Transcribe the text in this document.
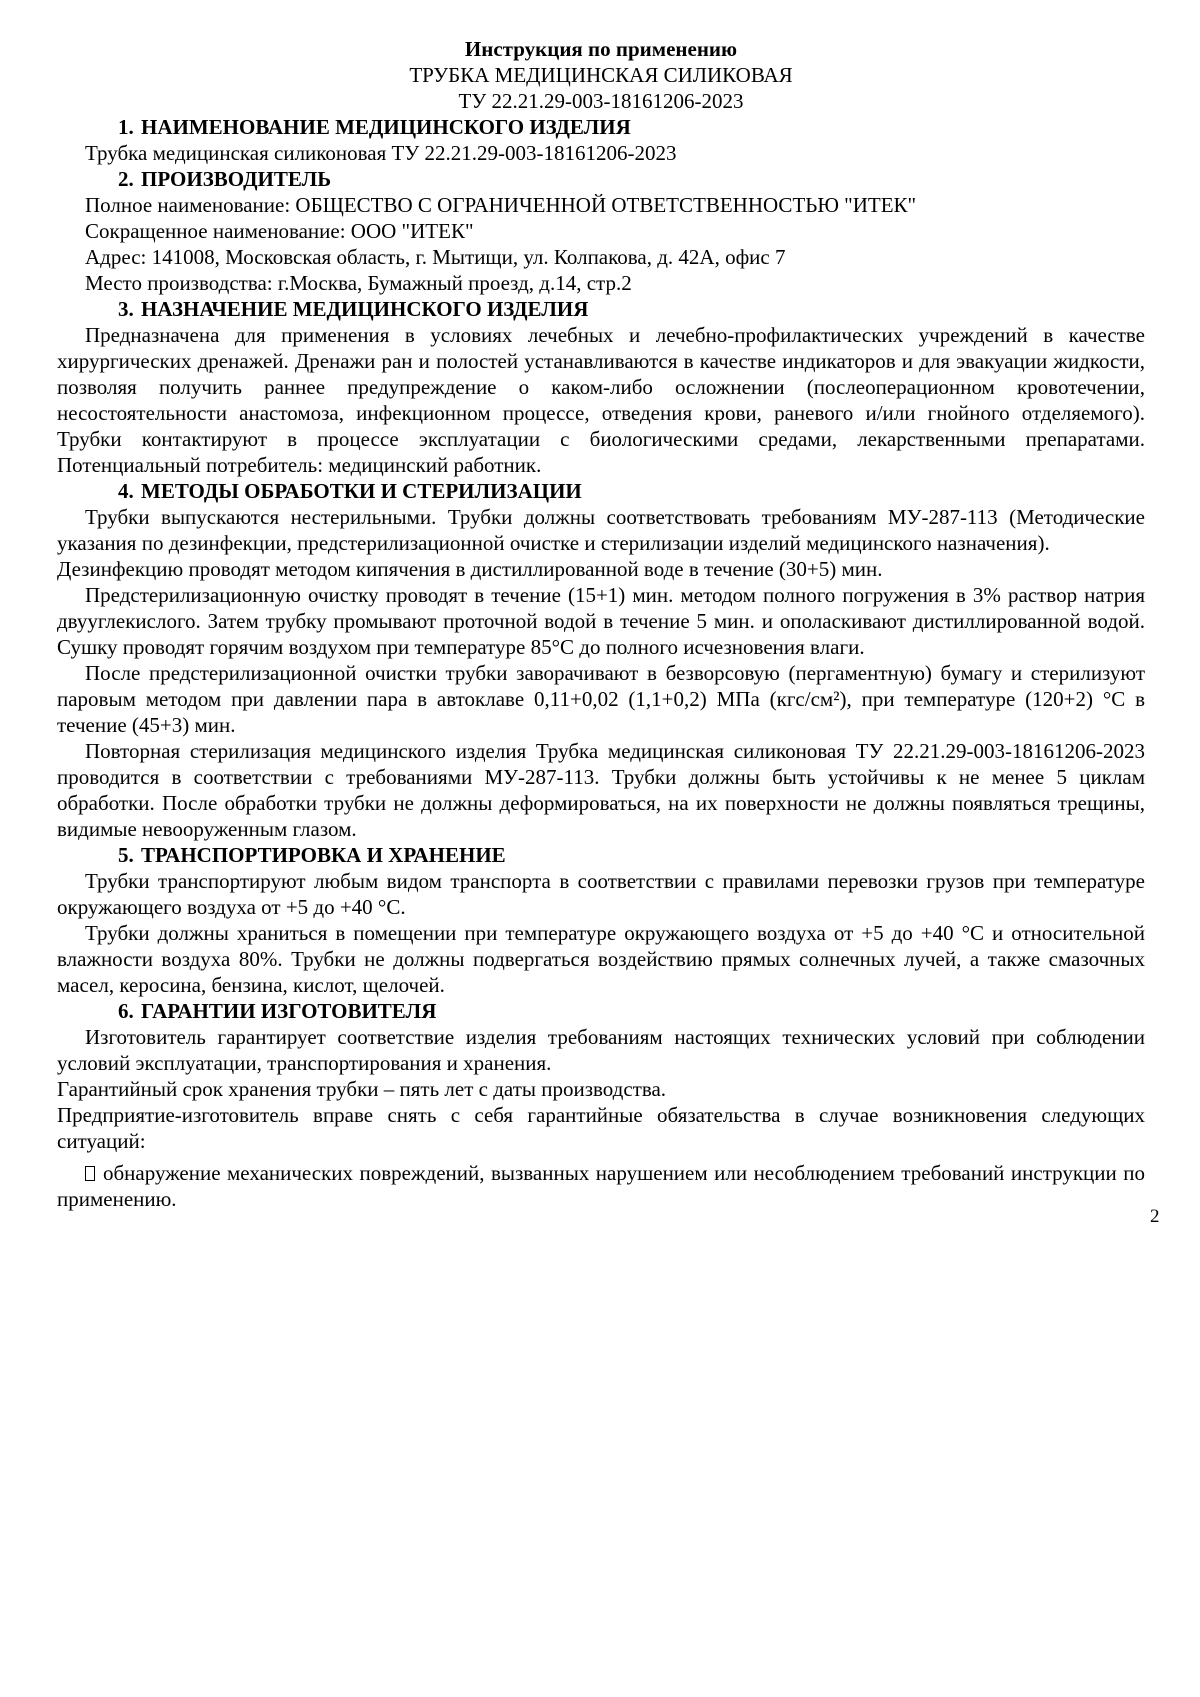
Инструкция по применению
ТРУБКА МЕДИЦИНСКАЯ СИЛИКОВАЯ
ТУ 22.21.29-003-18161206-2023
1. НАИМЕНОВАНИЕ МЕДИЦИНСКОГО ИЗДЕЛИЯ

Трубка медицинская силиконовая ТУ 22.21.29-003-18161206-2023

2. ПРОИЗВОДИТЕЛЬ

Полное наименование: ОБЩЕСТВО С ОГРАНИЧЕННОЙ ОТВЕТСТВЕННОСТЬЮ "ИТЕК"

Сокращенное наименование: ООО "ИТЕК"

Адрес: 141008, Московская область, г. Мытищи, ул. Колпакова, д. 42А, офис 7

Место производства: г.Москва, Бумажный проезд, д.14, стр.2

3. НАЗНАЧЕНИЕ МЕДИЦИНСКОГО ИЗДЕЛИЯ

Предназначена для применения в условиях лечебных и лечебно-профилактических учреждений в качестве хирургических дренажей. Дренажи ран и полостей устанавливаются в качестве индикаторов и для эвакуации жидкости, позволяя получить раннее предупреждение о каком-либо осложнении (послеоперационном кровотечении, несостоятельности анастомоза, инфекционном процессе, отведения крови, раневого и/или гнойного отделяемого). Трубки контактируют в процессе эксплуатации с биологическими средами, лекарственными препаратами. Потенциальный потребитель: медицинский работник.

4. МЕТОДЫ ОБРАБОТКИ И СТЕРИЛИЗАЦИИ

Трубки выпускаются нестерильными. Трубки должны соответствовать требованиям МУ-287-113 (Методические указания по дезинфекции, предстерилизационной очистке и стерилизации изделий медицинского назначения).

Дезинфекцию проводят методом кипячения в дистиллированной воде в течение (30+5) мин.

Предстерилизационную очистку проводят в течение (15+1) мин. методом полного погружения в 3% раствор натрия двууглекислого. Затем трубку промывают проточной водой в течение 5 мин. и ополаскивают дистиллированной водой. Сушку проводят горячим воздухом при температуре 85°С до полного исчезновения влаги.

После предстерилизационной очистки трубки заворачивают в безворсовую (пергаментную) бумагу и стерилизуют паровым методом при давлении пара в автоклаве 0,11+0,02 (1,1+0,2) МПа (кгс/см²), при температуре (120+2) °С в течение (45+3) мин.

Повторная стерилизация медицинского изделия Трубка медицинская силиконовая ТУ 22.21.29-003-18161206-2023 проводится в соответствии с требованиями МУ-287-113. Трубки должны быть устойчивы к не менее 5 циклам обработки. После обработки трубки не должны деформироваться, на их поверхности не должны появляться трещины, видимые невооруженным глазом.

5. ТРАНСПОРТИРОВКА И ХРАНЕНИЕ

Трубки транспортируют любым видом транспорта в соответствии с правилами перевозки грузов при температуре окружающего воздуха от +5 до +40 °С.

Трубки должны храниться в помещении при температуре окружающего воздуха от +5 до +40 °С и относительной влажности воздуха 80%. Трубки не должны подвергаться воздействию прямых солнечных лучей, а также смазочных масел, керосина, бензина, кислот, щелочей.

6. ГАРАНТИИ ИЗГОТОВИТЕЛЯ

Изготовитель гарантирует соответствие изделия требованиям настоящих технических условий при соблюдении условий эксплуатации, транспортирования и хранения.

Гарантийный срок хранения трубки – пять лет с даты производства.

Предприятие-изготовитель вправе снять с себя гарантийные обязательства в случае возникновения следующих ситуаций:

обнаружение механических повреждений, вызванных нарушением или несоблюдением требований инструкции по применению.

2
